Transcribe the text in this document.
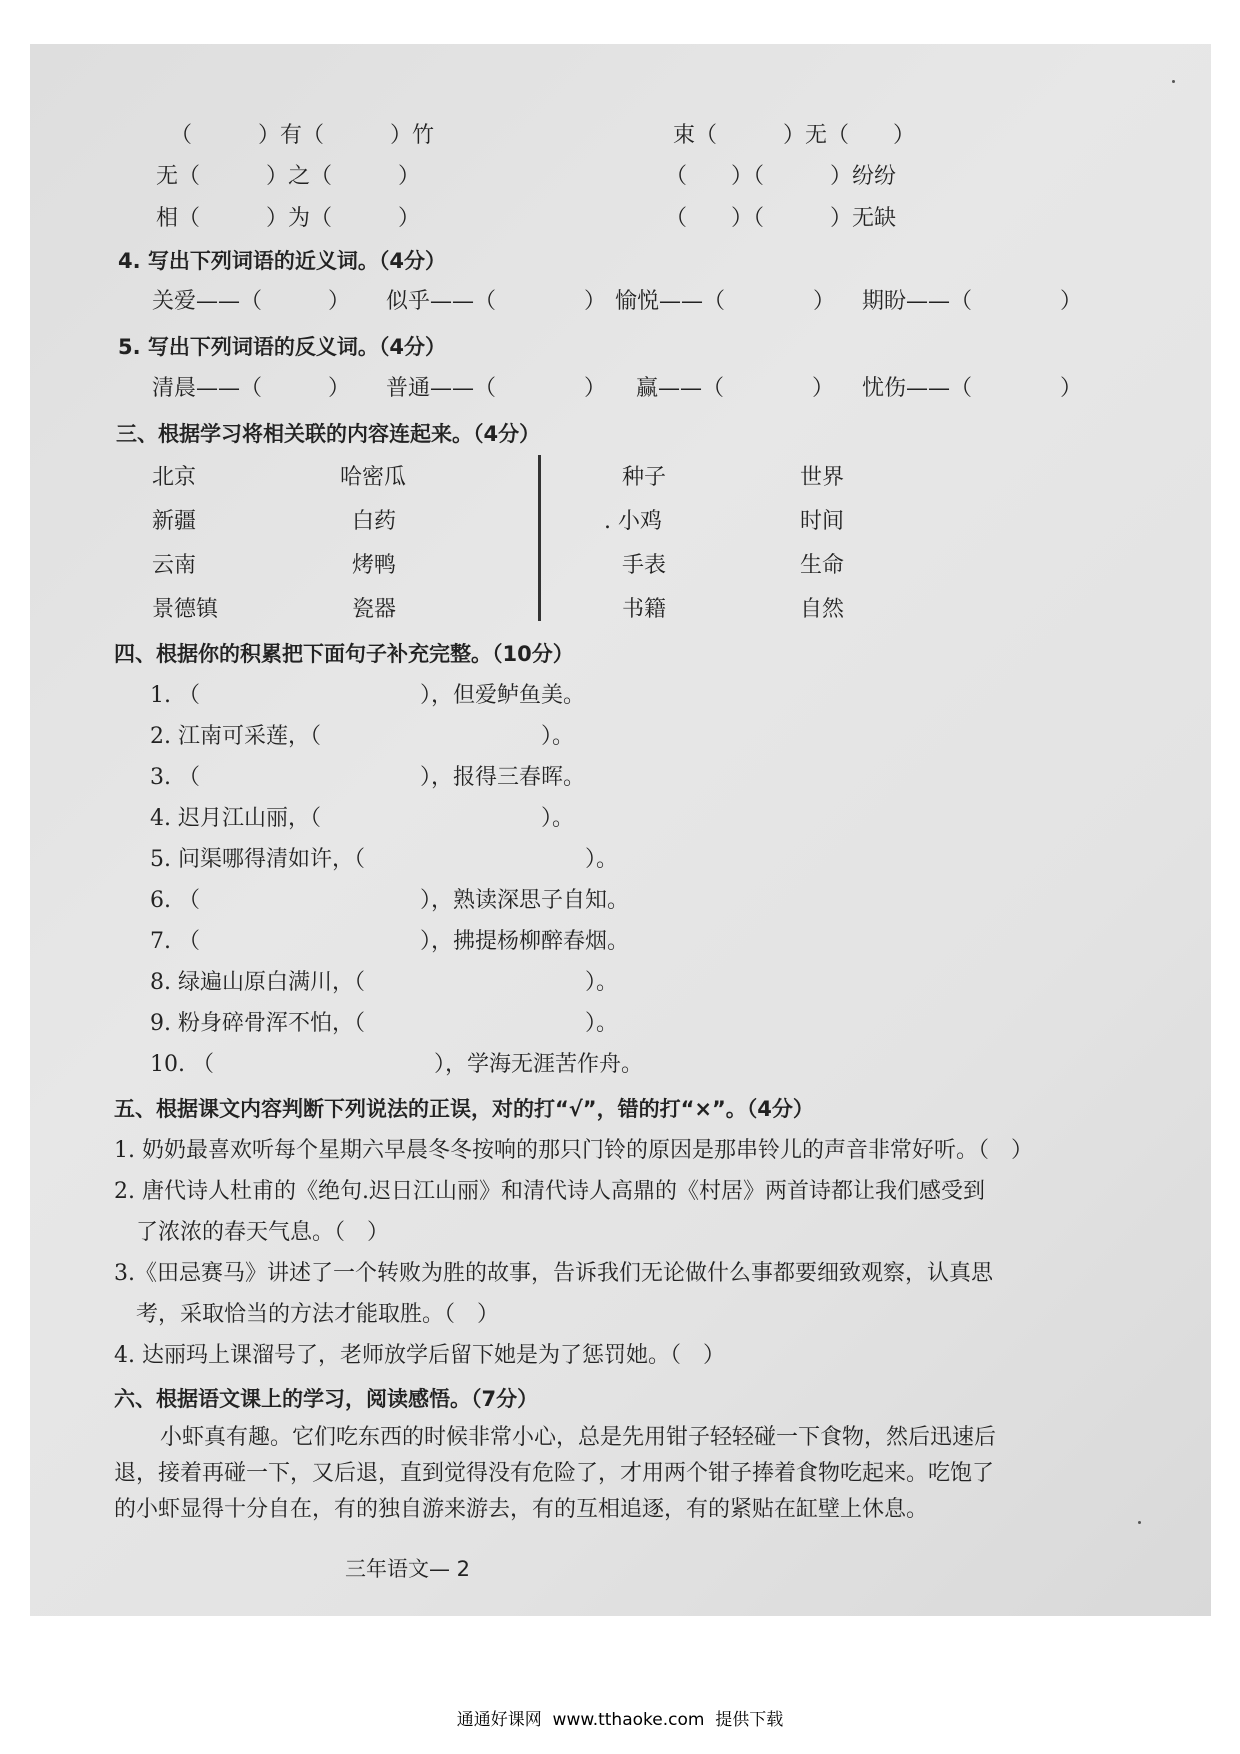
（　　　）有（　　　）竹
无（　　　）之（　　　）
相（　　　）为（　　　）
束（　　　）无（　　）
（　　）（　　　）纷纷
（　　）（　　　）无缺
4. 写出下列词语的近义词。（4分）
关爱——（　　　） 似乎——（　　　　） 愉悦——（　　　　） 期盼——（　　　　）
5. 写出下列词语的反义词。（4分）
清晨——（　　　） 普通——（　　　　） 赢——（　　　　） 忧伤——（　　　　）
三、根据学习将相关联的内容连起来。（4分）
北京
新疆
云南
景德镇
哈密瓜
白药
烤鸭
瓷器
种子
. 小鸡
手表
书籍
世界
时间
生命
自然
四、根据你的积累把下面句子补充完整。（10分）
1. （　　　　　　　　　　），但爱鲈鱼美。
2. 江南可采莲，（　　　　　　　　　　）。
3. （　　　　　　　　　　），报得三春晖。
4. 迟月江山丽，（　　　　　　　　　　）。
5. 问渠哪得清如许，（　　　　　　　　　　）。
6. （　　　　　　　　　　），熟读深思子自知。
7. （　　　　　　　　　　），拂提杨柳醉春烟。
8. 绿遍山原白满川，（　　　　　　　　　　）。
9. 粉身碎骨浑不怕，（　　　　　　　　　　）。
10. （　　　　　　　　　　），学海无涯苦作舟。
五、根据课文内容判断下列说法的正误，对的打“√”，错的打“×”。（4分）
1. 奶奶最喜欢听每个星期六早晨冬冬按响的那只门铃的原因是那串铃儿的声音非常好听。（　）
2. 唐代诗人杜甫的《绝句.迟日江山丽》和清代诗人高鼎的《村居》两首诗都让我们感受到
了浓浓的春天气息。（　）
3.《田忌赛马》讲述了一个转败为胜的故事，告诉我们无论做什么事都要细致观察，认真思
考，采取恰当的方法才能取胜。（　）
4. 达丽玛上课溜号了，老师放学后留下她是为了惩罚她。（　）
六、根据语文课上的学习，阅读感悟。（7分）
小虾真有趣。它们吃东西的时候非常小心，总是先用钳子轻轻碰一下食物，然后迅速后
退，接着再碰一下，又后退，直到觉得没有危险了，才用两个钳子捧着食物吃起来。吃饱了
的小虾显得十分自在，有的独自游来游去，有的互相追逐，有的紧贴在缸壁上休息。
三年语文— 2
通通好课网  www.tthaoke.com  提供下载
